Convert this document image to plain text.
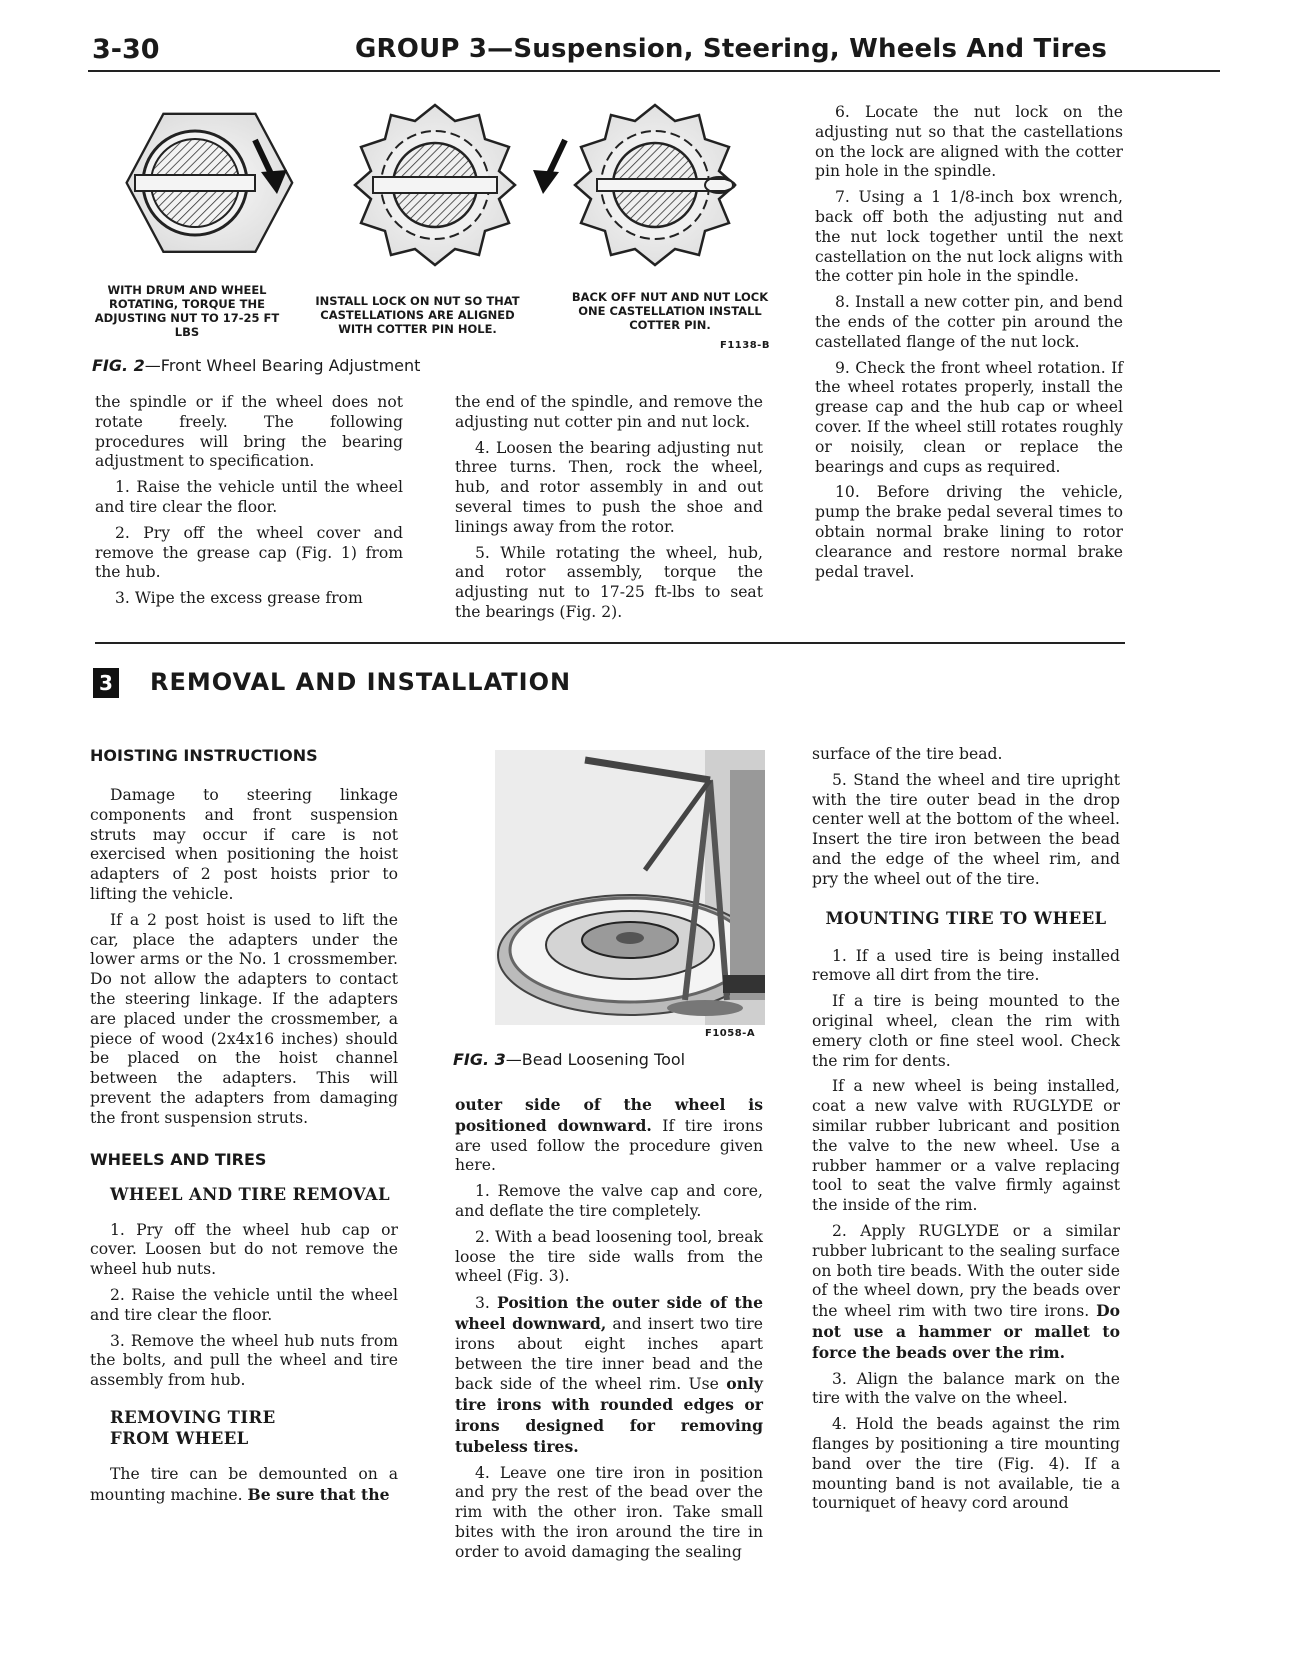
3-30	GROUP 3—Suspension, Steering, Wheels And Tires
WITH DRUM AND WHEEL ROTATING, TORQUE THE ADJUSTING NUT TO 17-25 FT LBS
INSTALL LOCK ON NUT SO THAT CASTELLATIONS ARE ALIGNED WITH COTTER PIN HOLE.
BACK OFF NUT AND NUT LOCK ONE CASTELLATION INSTALL COTTER PIN.
F1138-B
FIG. 2—Front Wheel Bearing Adjustment

the spindle or if the wheel does not rotate freely. The following procedures will bring the bearing adjustment to specification.

1. Raise the vehicle until the wheel and tire clear the floor.

2. Pry off the wheel cover and remove the grease cap (Fig. 1) from the hub.

3. Wipe the excess grease from

the end of the spindle, and remove the adjusting nut cotter pin and nut lock.

4. Loosen the bearing adjusting nut three turns. Then, rock the wheel, hub, and rotor assembly in and out several times to push the shoe and linings away from the rotor.

5. While rotating the wheel, hub, and rotor assembly, torque the adjusting nut to 17-25 ft-lbs to seat the bearings (Fig. 2).

6. Locate the nut lock on the adjusting nut so that the castellations on the lock are aligned with the cotter pin hole in the spindle.

7. Using a 1 1/8-inch box wrench, back off both the adjusting nut and the nut lock together until the next castellation on the nut lock aligns with the cotter pin hole in the spindle.

8. Install a new cotter pin, and bend the ends of the cotter pin around the castellated flange of the nut lock.

9. Check the front wheel rotation. If the wheel rotates properly, install the grease cap and the hub cap or wheel cover. If the wheel still rotates roughly or noisily, clean or replace the bearings and cups as required.

10. Before driving the vehicle, pump the brake pedal several times to obtain normal brake lining to rotor clearance and restore normal brake pedal travel.

3 REMOVAL AND INSTALLATION
HOISTING INSTRUCTIONS

Damage to steering linkage components and front suspension struts may occur if care is not exercised when positioning the hoist adapters of 2 post hoists prior to lifting the vehicle.

If a 2 post hoist is used to lift the car, place the adapters under the lower arms or the No. 1 crossmember. Do not allow the adapters to contact the steering linkage. If the adapters are placed under the crossmember, a piece of wood (2x4x16 inches) should be placed on the hoist channel between the adapters. This will prevent the adapters from damaging the front suspension struts.

WHEELS AND TIRES
WHEEL AND TIRE REMOVAL

1. Pry off the wheel hub cap or cover. Loosen but do not remove the wheel hub nuts.

2. Raise the vehicle until the wheel and tire clear the floor.

3. Remove the wheel hub nuts from the bolts, and pull the wheel and tire assembly from hub.

REMOVING TIRE
FROM WHEEL

The tire can be demounted on a mounting machine. Be sure that the

F1058-A
FIG. 3—Bead Loosening Tool

outer side of the wheel is positioned downward. If tire irons are used follow the procedure given here.

1. Remove the valve cap and core, and deflate the tire completely.

2. With a bead loosening tool, break loose the tire side walls from the wheel (Fig. 3).

3. Position the outer side of the wheel downward, and insert two tire irons about eight inches apart between the tire inner bead and the back side of the wheel rim. Use only tire irons with rounded edges or irons designed for removing tubeless tires.

4. Leave one tire iron in position and pry the rest of the bead over the rim with the other iron. Take small bites with the iron around the tire in order to avoid damaging the sealing

surface of the tire bead.

5. Stand the wheel and tire upright with the tire outer bead in the drop center well at the bottom of the wheel. Insert the tire iron between the bead and the edge of the wheel rim, and pry the wheel out of the tire.

MOUNTING TIRE TO WHEEL

1. If a used tire is being installed remove all dirt from the tire.

If a tire is being mounted to the original wheel, clean the rim with emery cloth or fine steel wool. Check the rim for dents.

If a new wheel is being installed, coat a new valve with RUGLYDE or similar rubber lubricant and position the valve to the new wheel. Use a rubber hammer or a valve replacing tool to seat the valve firmly against the inside of the rim.

2. Apply RUGLYDE or a similar rubber lubricant to the sealing surface on both tire beads. With the outer side of the wheel down, pry the beads over the wheel rim with two tire irons. Do not use a hammer or mallet to force the beads over the rim.

3. Align the balance mark on the tire with the valve on the wheel.

4. Hold the beads against the rim flanges by positioning a tire mounting band over the tire (Fig. 4). If a mounting band is not available, tie a tourniquet of heavy cord around
